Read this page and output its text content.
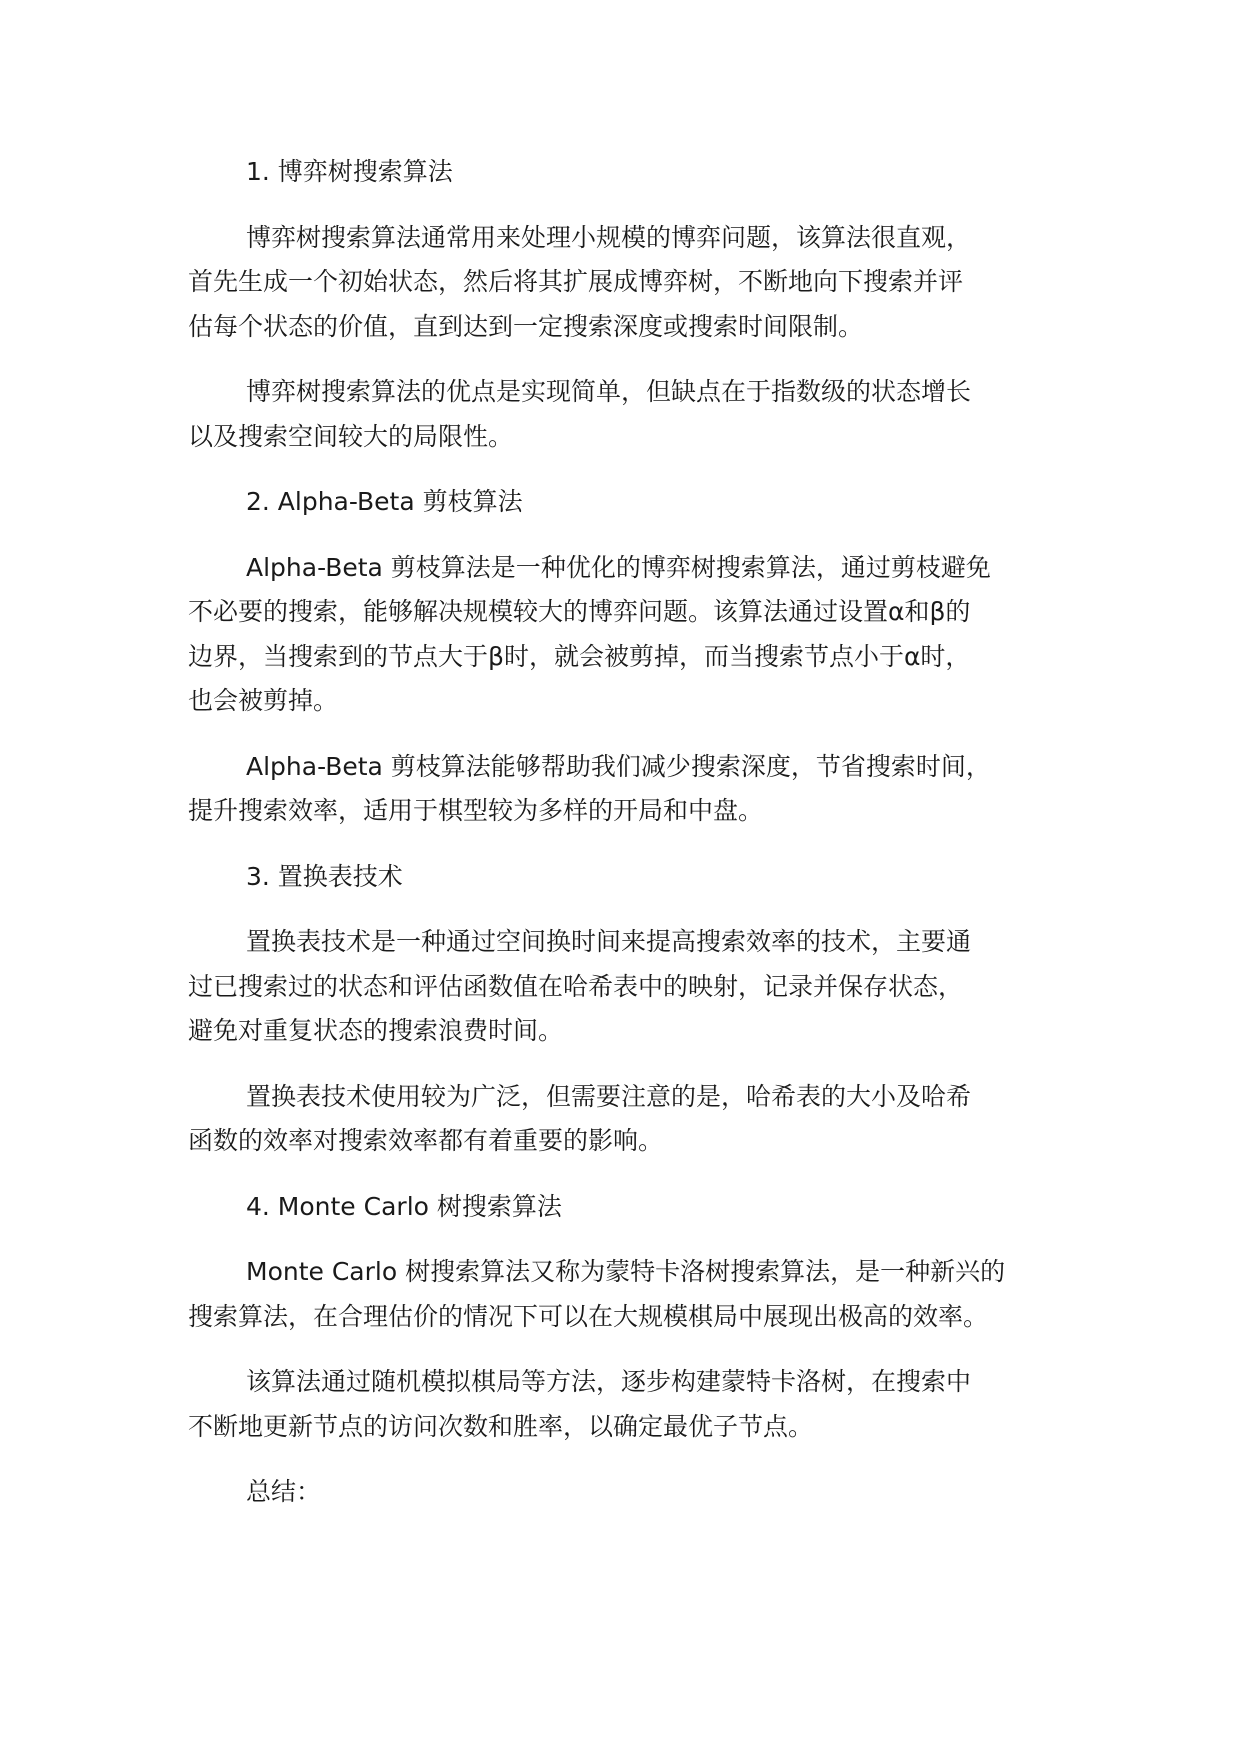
1. 博弈树搜索算法
博弈树搜索算法通常用来处理小规模的博弈问题，该算法很直观，
首先生成一个初始状态，然后将其扩展成博弈树，不断地向下搜索并评
估每个状态的价值，直到达到一定搜索深度或搜索时间限制。
博弈树搜索算法的优点是实现简单，但缺点在于指数级的状态增长
以及搜索空间较大的局限性。
2. Alpha-Beta 剪枝算法
Alpha-Beta 剪枝算法是一种优化的博弈树搜索算法，通过剪枝避免
不必要的搜索，能够解决规模较大的博弈问题。该算法通过设置α和β的
边界，当搜索到的节点大于β时，就会被剪掉，而当搜索节点小于α时，
也会被剪掉。
Alpha-Beta 剪枝算法能够帮助我们减少搜索深度，节省搜索时间，
提升搜索效率，适用于棋型较为多样的开局和中盘。
3. 置换表技术
置换表技术是一种通过空间换时间来提高搜索效率的技术，主要通
过已搜索过的状态和评估函数值在哈希表中的映射，记录并保存状态，
避免对重复状态的搜索浪费时间。
置换表技术使用较为广泛，但需要注意的是，哈希表的大小及哈希
函数的效率对搜索效率都有着重要的影响。
4. Monte Carlo 树搜索算法
Monte Carlo 树搜索算法又称为蒙特卡洛树搜索算法，是一种新兴的
搜索算法，在合理估价的情况下可以在大规模棋局中展现出极高的效率。
该算法通过随机模拟棋局等方法，逐步构建蒙特卡洛树，在搜索中
不断地更新节点的访问次数和胜率，以确定最优子节点。
总结：
